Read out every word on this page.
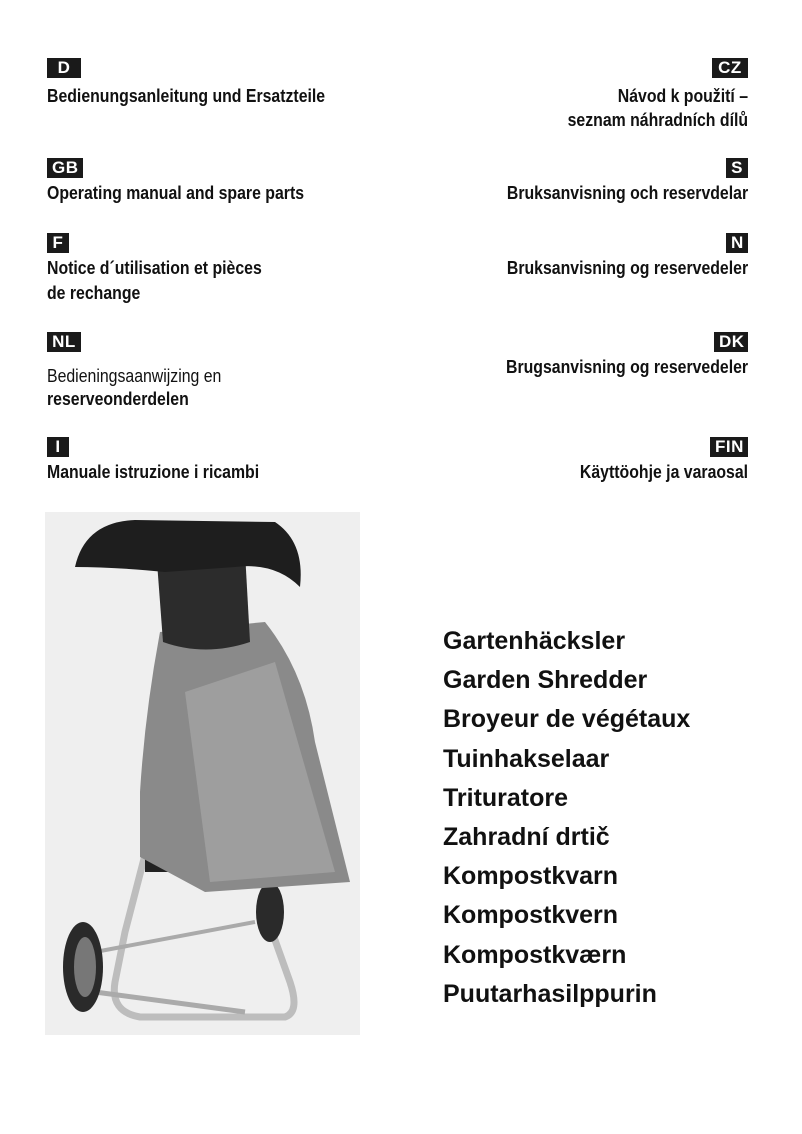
D
Bedienungsanleitung und Ersatzteile
GB
Operating manual and spare parts
F
Notice d´utilisation et pièces
de rechange
NL
Bedieningsaanwijzing en
reserveonderdelen
I
Manuale istruzione i ricambi
CZ
Návod k použití –
seznam náhradních dílů
S
Bruksanvisning och reservdelar
N
Bruksanvisning og reservedeler
DK
Brugsanvisning og reservedeler
FIN
Käyttöohje ja varaosal
Gartenhäcksler
Garden Shredder
Broyeur de végétaux
Tuinhakselaar
Trituratore
Zahradní drtič
Kompostkvarn
Kompostkvern
Kompostkværn
Puutarhasilppurin
